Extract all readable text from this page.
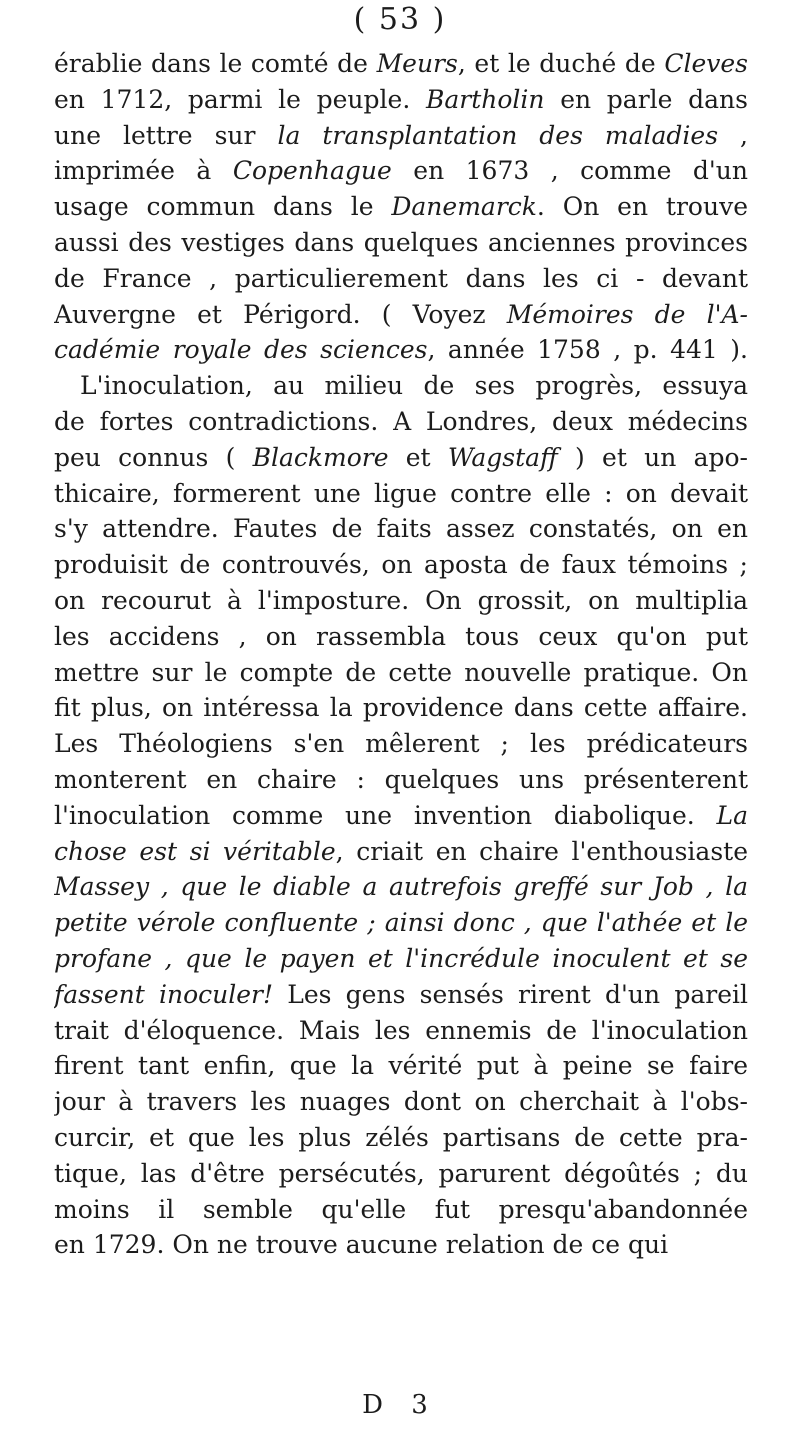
( 53 )
érablie dans le comté de Meurs, et le duché de Cleves
en 1712, parmi le peuple. Bartholin en parle dans
une lettre sur la transplantation des maladies ,
imprimée à Copenhague en 1673 , comme d'un
usage commun dans le Danemarck. On en trouve
aussi des vestiges dans quelques anciennes provinces
de France , particulierement dans les ci - devant
Auvergne et Périgord. ( Voyez Mémoires de l'A-
cadémie royale des sciences, année 1758 , p. 441 ).
L'inoculation, au milieu de ses progrès, essuya
de fortes contradictions. A Londres, deux médecins
peu connus ( Blackmore et Wagstaff ) et un apo-
thicaire, formerent une ligue contre elle : on devait
s'y attendre. Fautes de faits assez constatés, on en
produisit de controuvés, on aposta de faux témoins ;
on recourut à l'imposture. On grossit, on multiplia
les accidens , on rassembla tous ceux qu'on put
mettre sur le compte de cette nouvelle pratique. On
fit plus, on intéressa la providence dans cette affaire.
Les Théologiens s'en mêlerent ; les prédicateurs
monterent en chaire : quelques uns présenterent
l'inoculation comme une invention diabolique. La
chose est si véritable, criait en chaire l'enthousiaste
Massey , que le diable a autrefois greffé sur Job , la
petite vérole confluente ; ainsi donc , que l'athée et le
profane , que le payen et l'incrédule inoculent et se
fassent inoculer! Les gens sensés rirent d'un pareil
trait d'éloquence. Mais les ennemis de l'inoculation
firent tant enfin, que la vérité put à peine se faire
jour à travers les nuages dont on cherchait à l'obs-
curcir, et que les plus zélés partisans de cette pra-
tique, las d'être persécutés, parurent dégoûtés ; du
moins il semble qu'elle fut presqu'abandonnée
en 1729. On ne trouve aucune relation de ce qui
D 3
